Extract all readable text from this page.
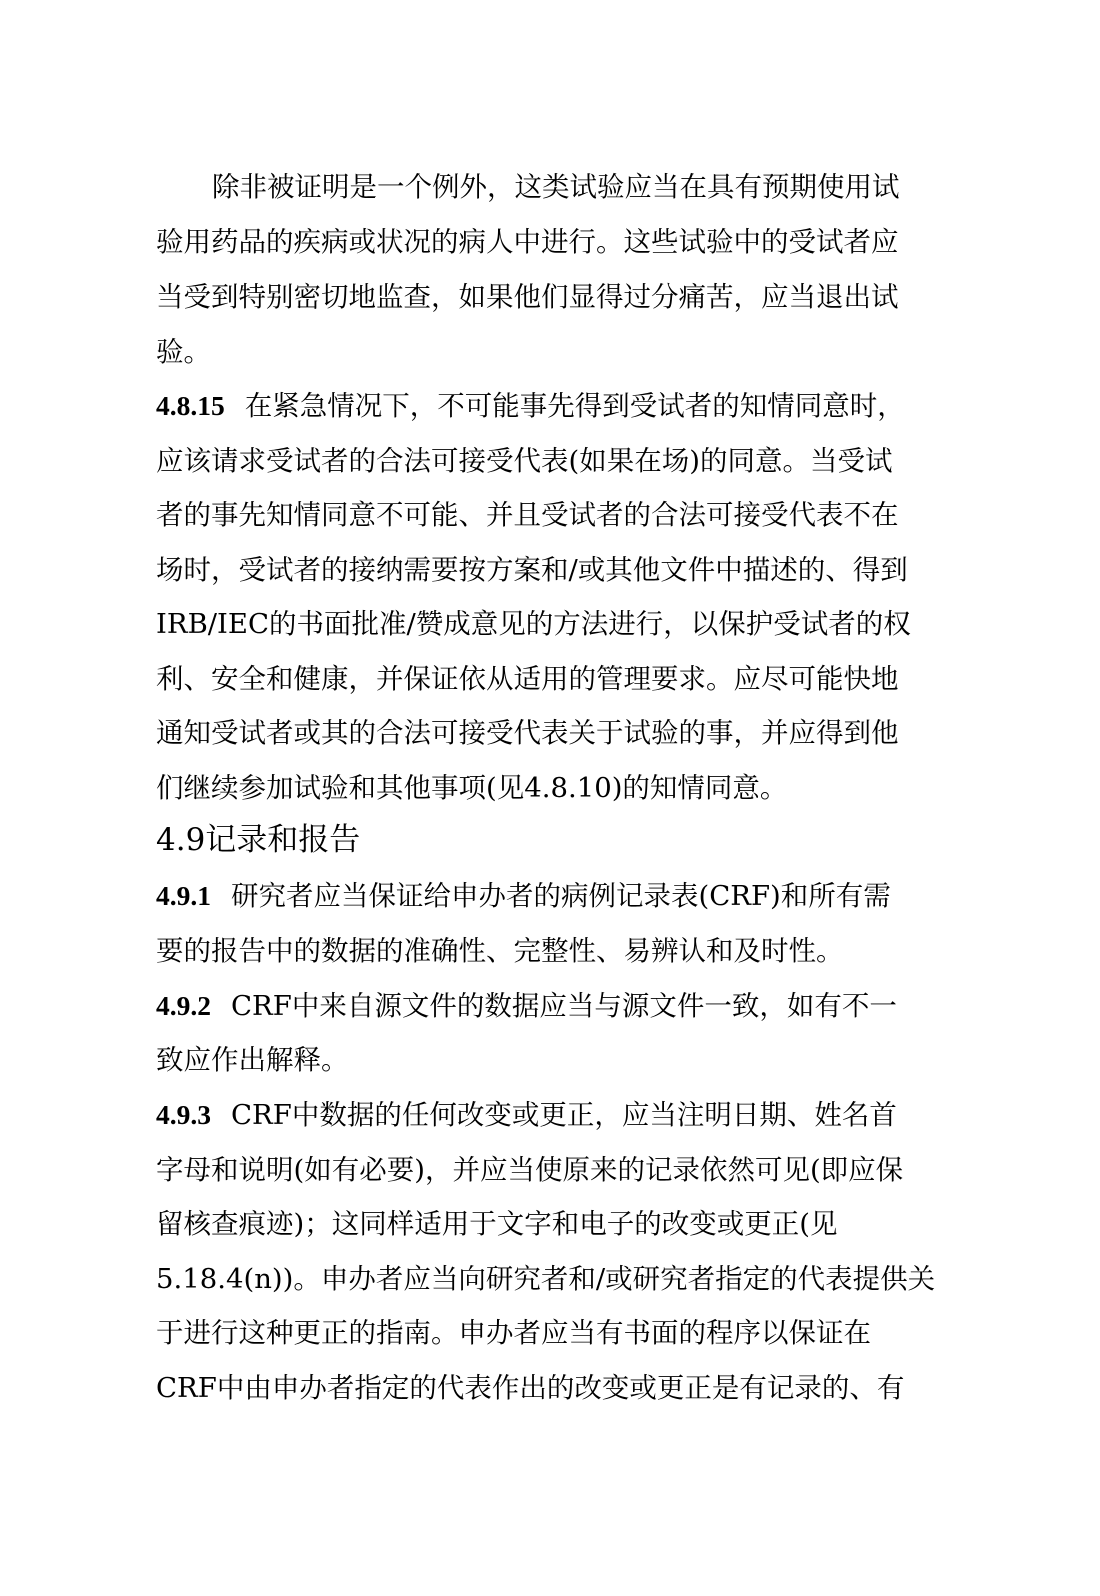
除非被证明是一个例外，这类试验应当在具有预期使用试
验用药品的疾病或状况的病人中进行。这些试验中的受试者应
当受到特别密切地监查，如果他们显得过分痛苦，应当退出试
验。
4.8.15 在紧急情况下，不可能事先得到受试者的知情同意时，
应该请求受试者的合法可接受代表(如果在场)的同意。当受试
者的事先知情同意不可能、并且受试者的合法可接受代表不在
场时，受试者的接纳需要按方案和/或其他文件中描述的、得到
IRB/IEC的书面批准/赞成意见的方法进行，以保护受试者的权
利、安全和健康，并保证依从适用的管理要求。应尽可能快地
通知受试者或其的合法可接受代表关于试验的事，并应得到他
们继续参加试验和其他事项(见4.8.10)的知情同意。
4.9记录和报告
4.9.1 研究者应当保证给申办者的病例记录表(CRF)和所有需
要的报告中的数据的准确性、完整性、易辨认和及时性。
4.9.2 CRF中来自源文件的数据应当与源文件一致，如有不一
致应作出解释。
4.9.3 CRF中数据的任何改变或更正，应当注明日期、姓名首
字母和说明(如有必要)，并应当使原来的记录依然可见(即应保
留核查痕迹)；这同样适用于文字和电子的改变或更正(见
5.18.4(n))。申办者应当向研究者和/或研究者指定的代表提供关
于进行这种更正的指南。申办者应当有书面的程序以保证在
CRF中由申办者指定的代表作出的改变或更正是有记录的、有
